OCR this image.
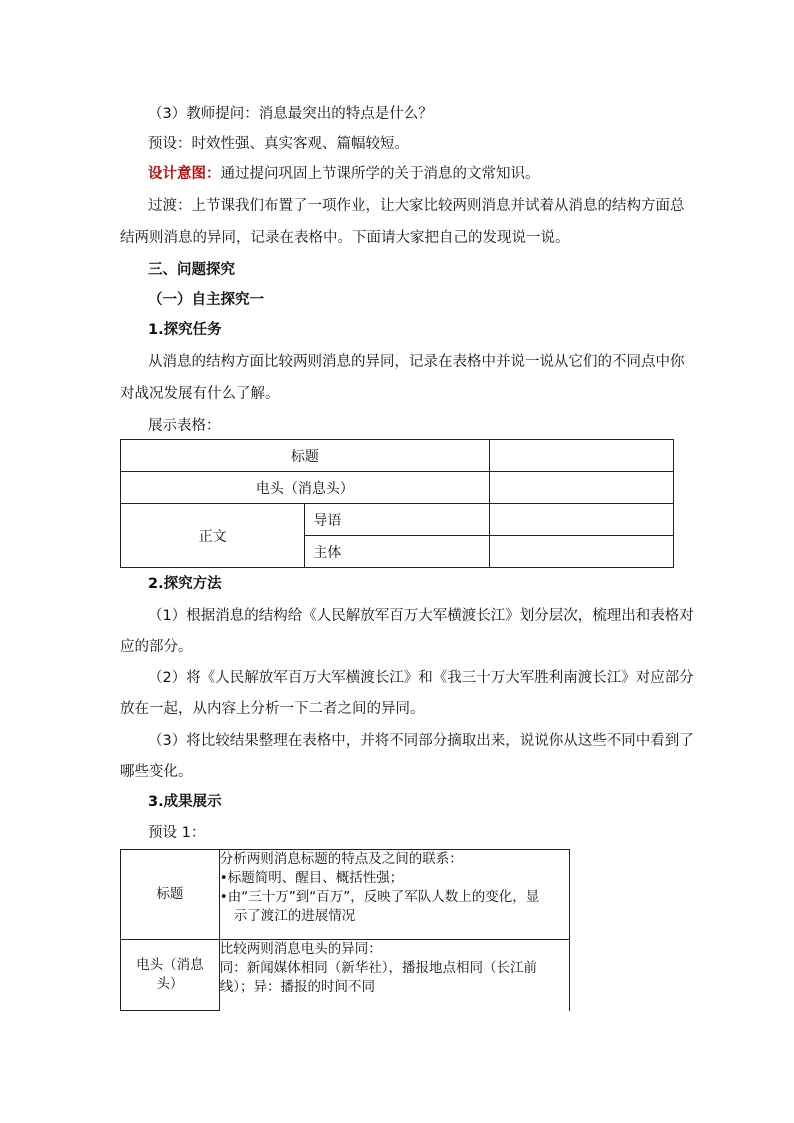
（3）教师提问：消息最突出的特点是什么？
预设：时效性强、真实客观、篇幅较短。
设计意图：通过提问巩固上节课所学的关于消息的文常知识。
过渡：上节课我们布置了一项作业，让大家比较两则消息并试着从消息的结构方面总
结两则消息的异同，记录在表格中。下面请大家把自己的发现说一说。
三、问题探究
（一）自主探究一
1.探究任务
从消息的结构方面比较两则消息的异同，记录在表格中并说一说从它们的不同点中你
对战况发展有什么了解。
展示表格：
标题		
电头（消息头）		
正文	导语	
	主体	
2.探究方法
（1）根据消息的结构给《人民解放军百万大军横渡长江》划分层次，梳理出和表格对
应的部分。
（2）将《人民解放军百万大军横渡长江》和《我三十万大军胜利南渡长江》对应部分
放在一起，从内容上分析一下二者之间的异同。
（3）将比较结果整理在表格中，并将不同部分摘取出来，说说你从这些不同中看到了
哪些变化。
3.成果展示
预设 1：
标题	分析两则消息标题的特点及之间的联系：
•标题简明、醒目、概括性强；
•由“三十万”到“百万”，反映了军队人数上的变化，显
示了渡江的进展情况

电头（消息
头）	比较两则消息电头的异同：
同：新闻媒体相同（新华社），播报地点相同（长江前
线）；异：播报的时间不同
